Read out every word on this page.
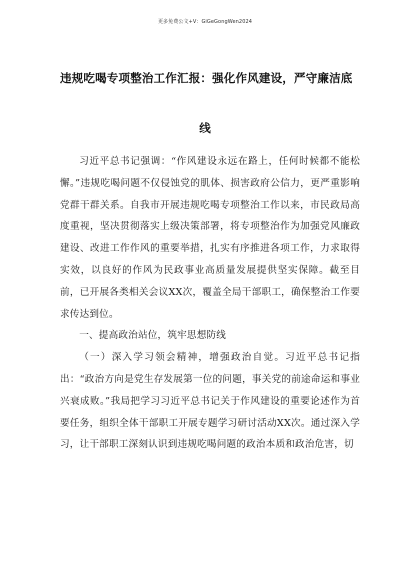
更多免费公文+V：GiGeGongWen2024
违规吃喝专项整治工作汇报：强化作风建设，严守廉洁底
线

习近平总书记强调：“作风建设永远在路上，任何时候都不能松懈。”违规吃喝问题不仅侵蚀党的肌体、损害政府公信力，更严重影响党群干群关系。自我市开展违规吃喝专项整治工作以来，市民政局高度重视，坚决贯彻落实上级决策部署，将专项整治作为加强党风廉政建设、改进工作作风的重要举措，扎实有序推进各项工作，力求取得实效，以良好的作风为民政事业高质量发展提供坚实保障。截至目前，已开展各类相关会议XX次，覆盖全局干部职工，确保整治工作要求传达到位。

一、提高政治站位，筑牢思想防线

（一）深入学习领会精神，增强政治自觉。习近平总书记指出：“政治方向是党生存发展第一位的问题，事关党的前途命运和事业兴衰成败。”我局把学习习近平总书记关于作风建设的重要论述作为首要任务，组织全体干部职工开展专题学习研讨活动XX次。通过深入学习，让干部职工深刻认识到违规吃喝问题的政治本质和政治危害，切
